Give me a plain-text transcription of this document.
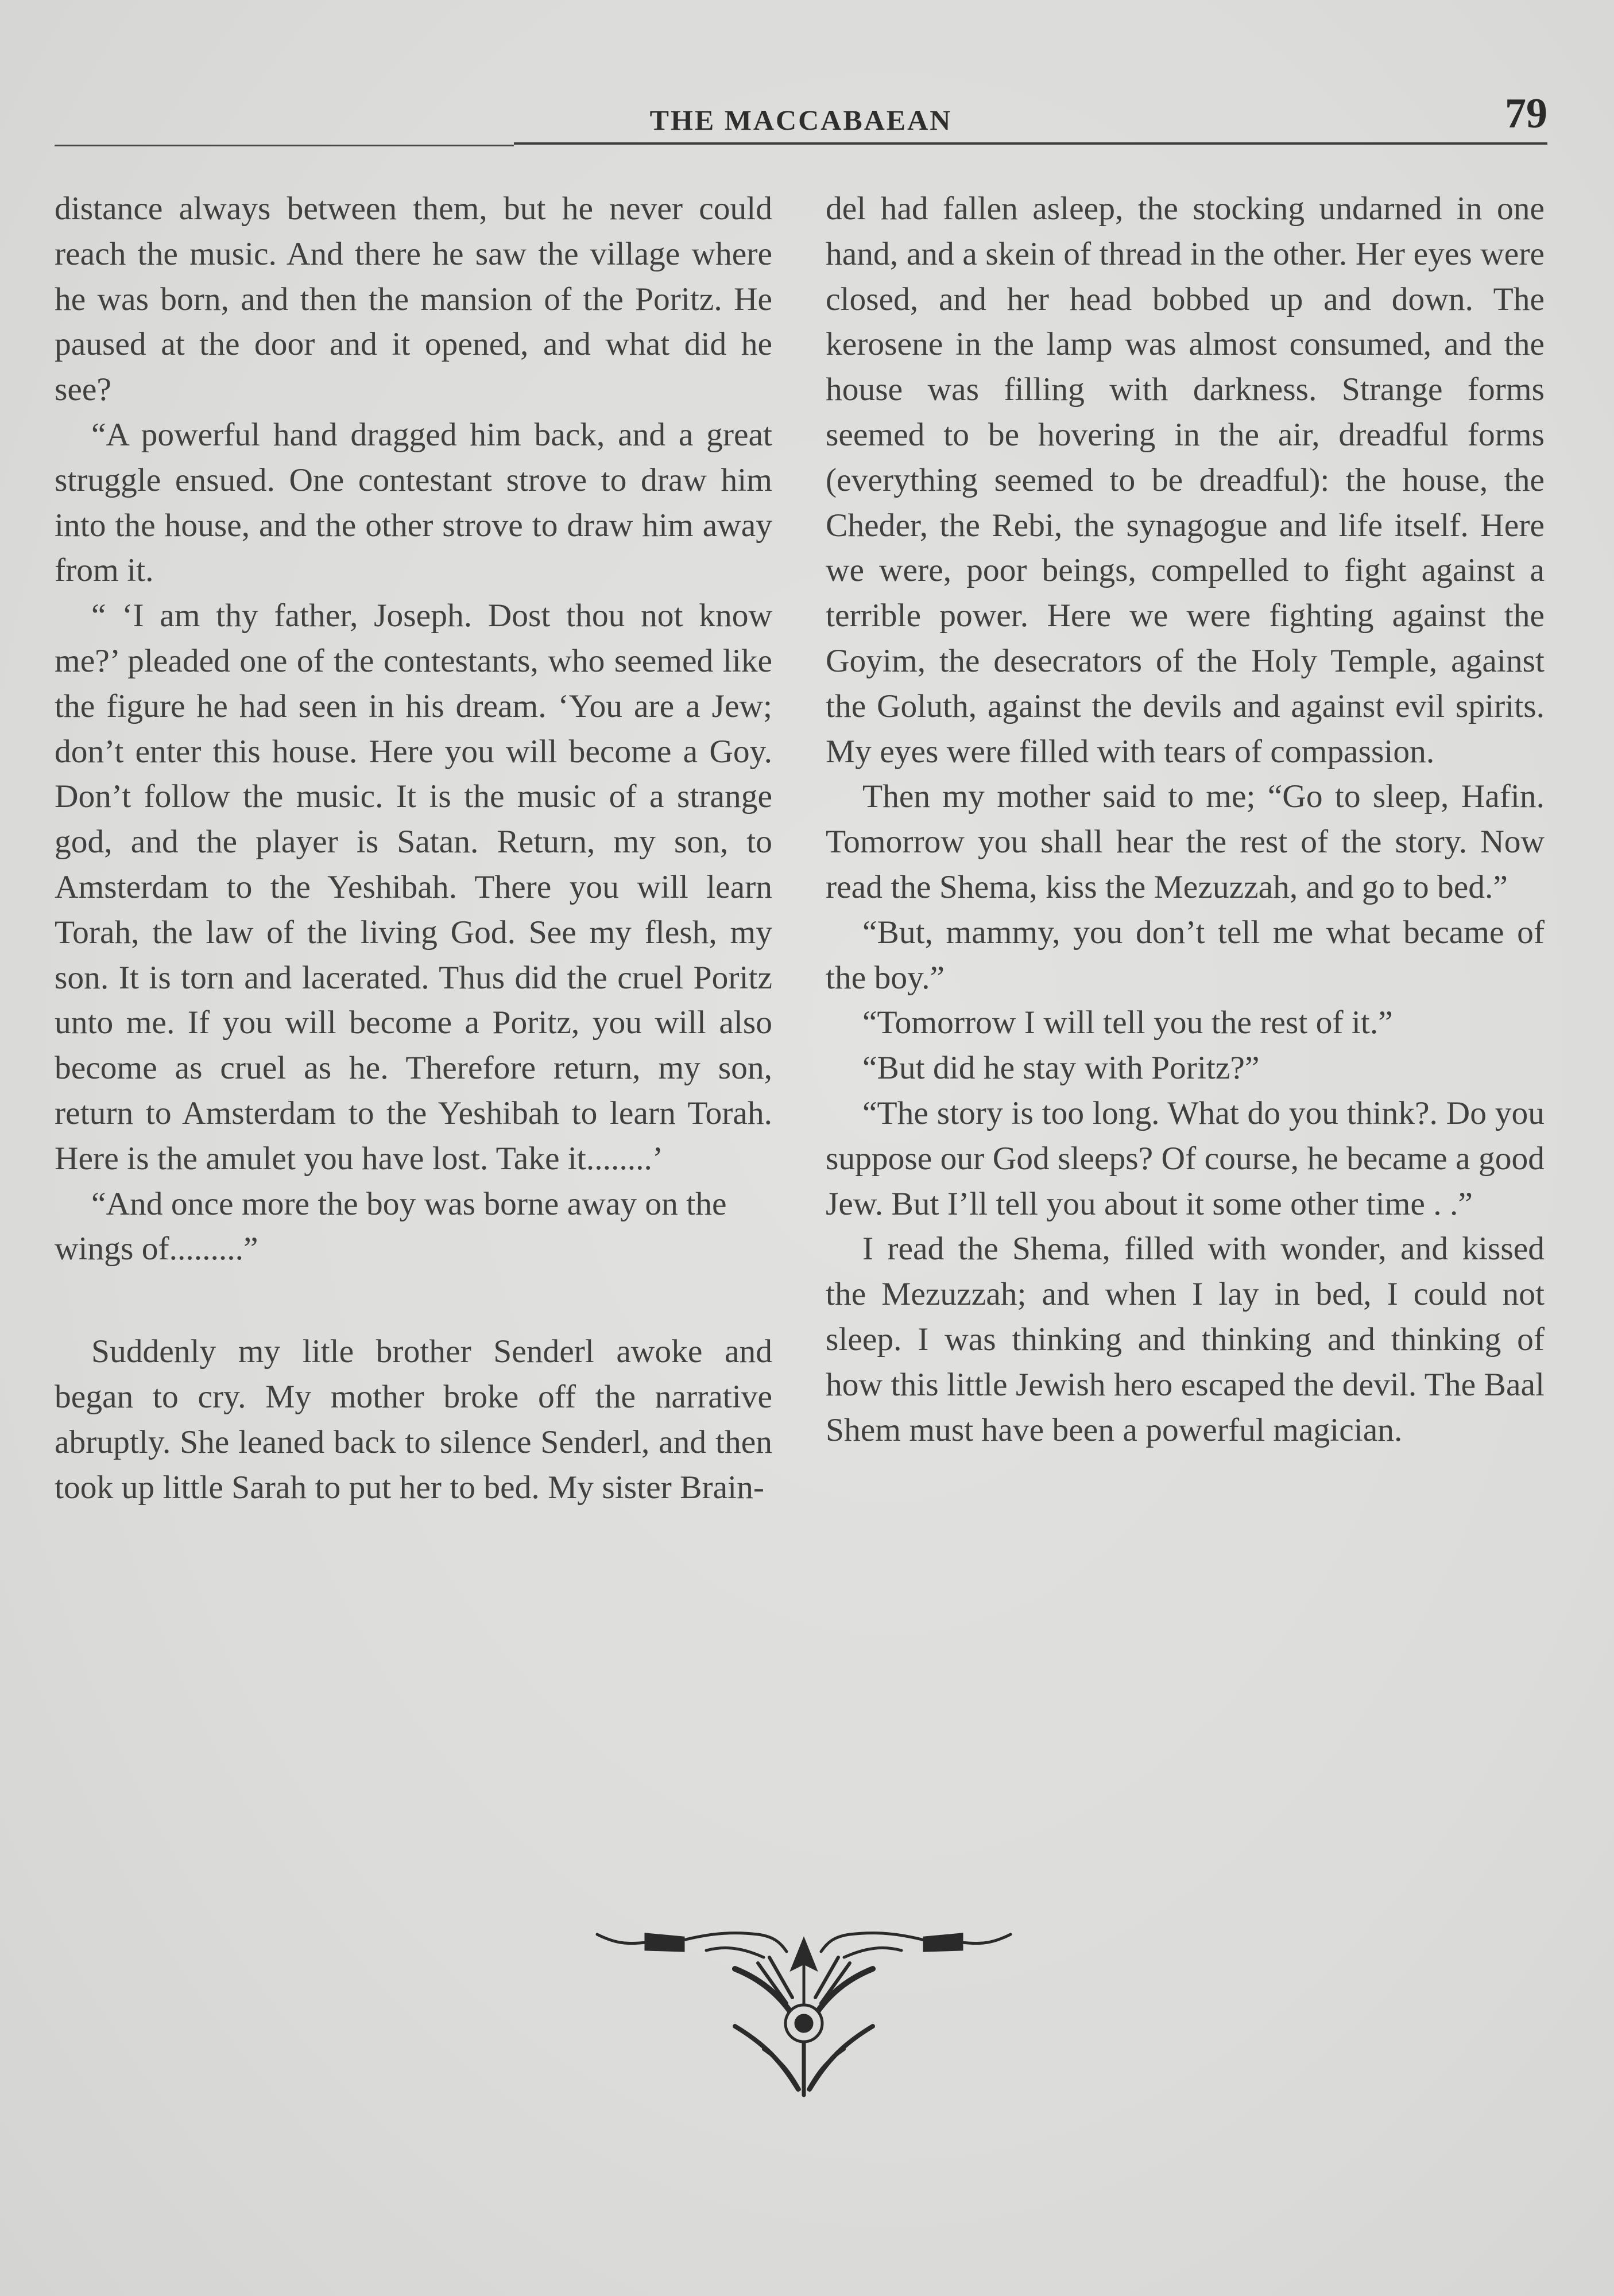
THE MACCABAEAN	79

distance always between them, but he never could reach the music. And there he saw the village where he was born, and then the mansion of the Poritz. He paused at the door and it opened, and what did he see?

“A powerful hand dragged him back, and a great struggle ensued. One contestant strove to draw him into the house, and the other strove to draw him away from it.

“ ‘I am thy father, Joseph. Dost thou not know me?’ pleaded one of the contestants, who seemed like the figure he had seen in his dream. ‘You are a Jew; don’t enter this house. Here you will become a Goy. Don’t follow the music. It is the music of a strange god, and the player is Satan. Return, my son, to Amsterdam to the Yeshibah. There you will learn Torah, the law of the living God. See my flesh, my son. It is torn and lacerated. Thus did the cruel Poritz unto me. If you will become a Poritz, you will also become as cruel as he. Therefore return, my son, return to Amsterdam to the Yeshibah to learn Torah. Here is the amulet you have lost. Take it........’

“And once more the boy was borne away on the wings of.........”

Suddenly my litle brother Senderl awoke and began to cry. My mother broke off the narrative abruptly. She leaned back to silence Senderl, and then took up little Sarah to put her to bed. My sister Brain-

del had fallen asleep, the stocking undarned in one hand, and a skein of thread in the other. Her eyes were closed, and her head bobbed up and down. The kerosene in the lamp was almost consumed, and the house was filling with darkness. Strange forms seemed to be hovering in the air, dreadful forms (everything seemed to be dreadful): the house, the Cheder, the Rebi, the synagogue and life itself. Here we were, poor beings, compelled to fight against a terrible power. Here we were fighting against the Goyim, the desecrators of the Holy Temple, against the Goluth, against the devils and against evil spirits. My eyes were filled with tears of compassion.

Then my mother said to me; “Go to sleep, Hafin. Tomorrow you shall hear the rest of the story. Now read the Shema, kiss the Mezuzzah, and go to bed.”

“But, mammy, you don’t tell me what became of the boy.”

“Tomorrow I will tell you the rest of it.”

“But did he stay with Poritz?”

“The story is too long. What do you think?. Do you suppose our God sleeps? Of course, he became a good Jew. But I’ll tell you about it some other time . .”

I read the Shema, filled with wonder, and kissed the Mezuzzah; and when I lay in bed, I could not sleep. I was thinking and thinking and thinking of how this little Jewish hero escaped the devil. The Baal Shem must have been a powerful magician.
